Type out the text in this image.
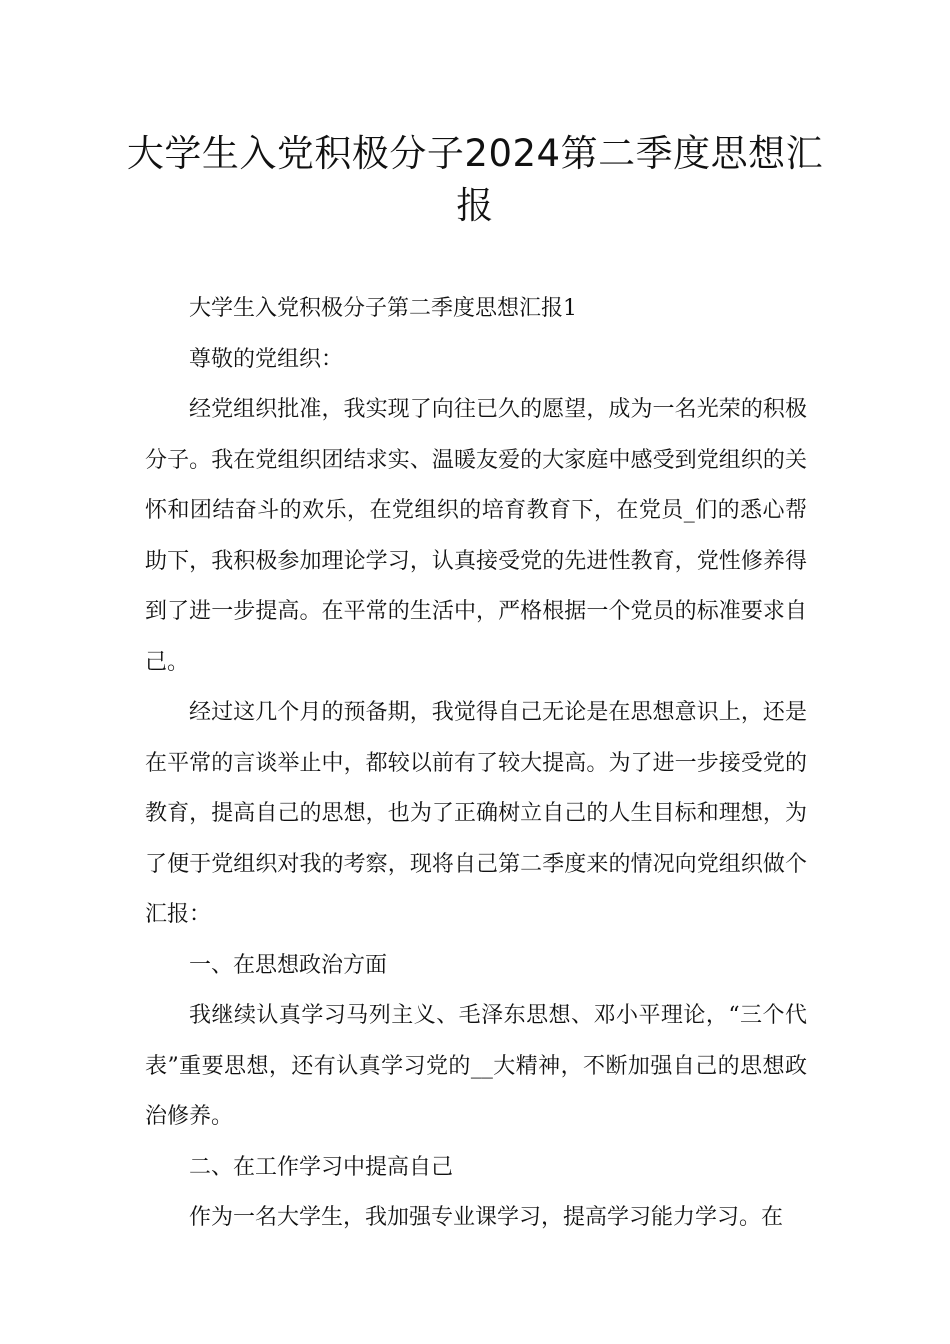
大学生入党积极分子2024第二季度思想汇报

大学生入党积极分子第二季度思想汇报1

尊敬的党组织：

经党组织批准，我实现了向往已久的愿望，成为一名光荣的积极分子。我在党组织团结求实、温暖友爱的大家庭中感受到党组织的关怀和团结奋斗的欢乐，在党组织的培育教育下，在党员_们的悉心帮助下，我积极参加理论学习，认真接受党的先进性教育，党性修养得到了进一步提高。在平常的生活中，严格根据一个党员的标准要求自己。

经过这几个月的预备期，我觉得自己无论是在思想意识上，还是在平常的言谈举止中，都较以前有了较大提高。为了进一步接受党的教育，提高自己的思想，也为了正确树立自己的人生目标和理想，为了便于党组织对我的考察，现将自己第二季度来的情况向党组织做个汇报：

一、在思想政治方面

我继续认真学习马列主义、毛泽东思想、邓小平理论，“三个代表”重要思想，还有认真学习党的__大精神，不断加强自己的思想政治修养。

二、在工作学习中提高自己

作为一名大学生，我加强专业课学习，提高学习能力学习。在
